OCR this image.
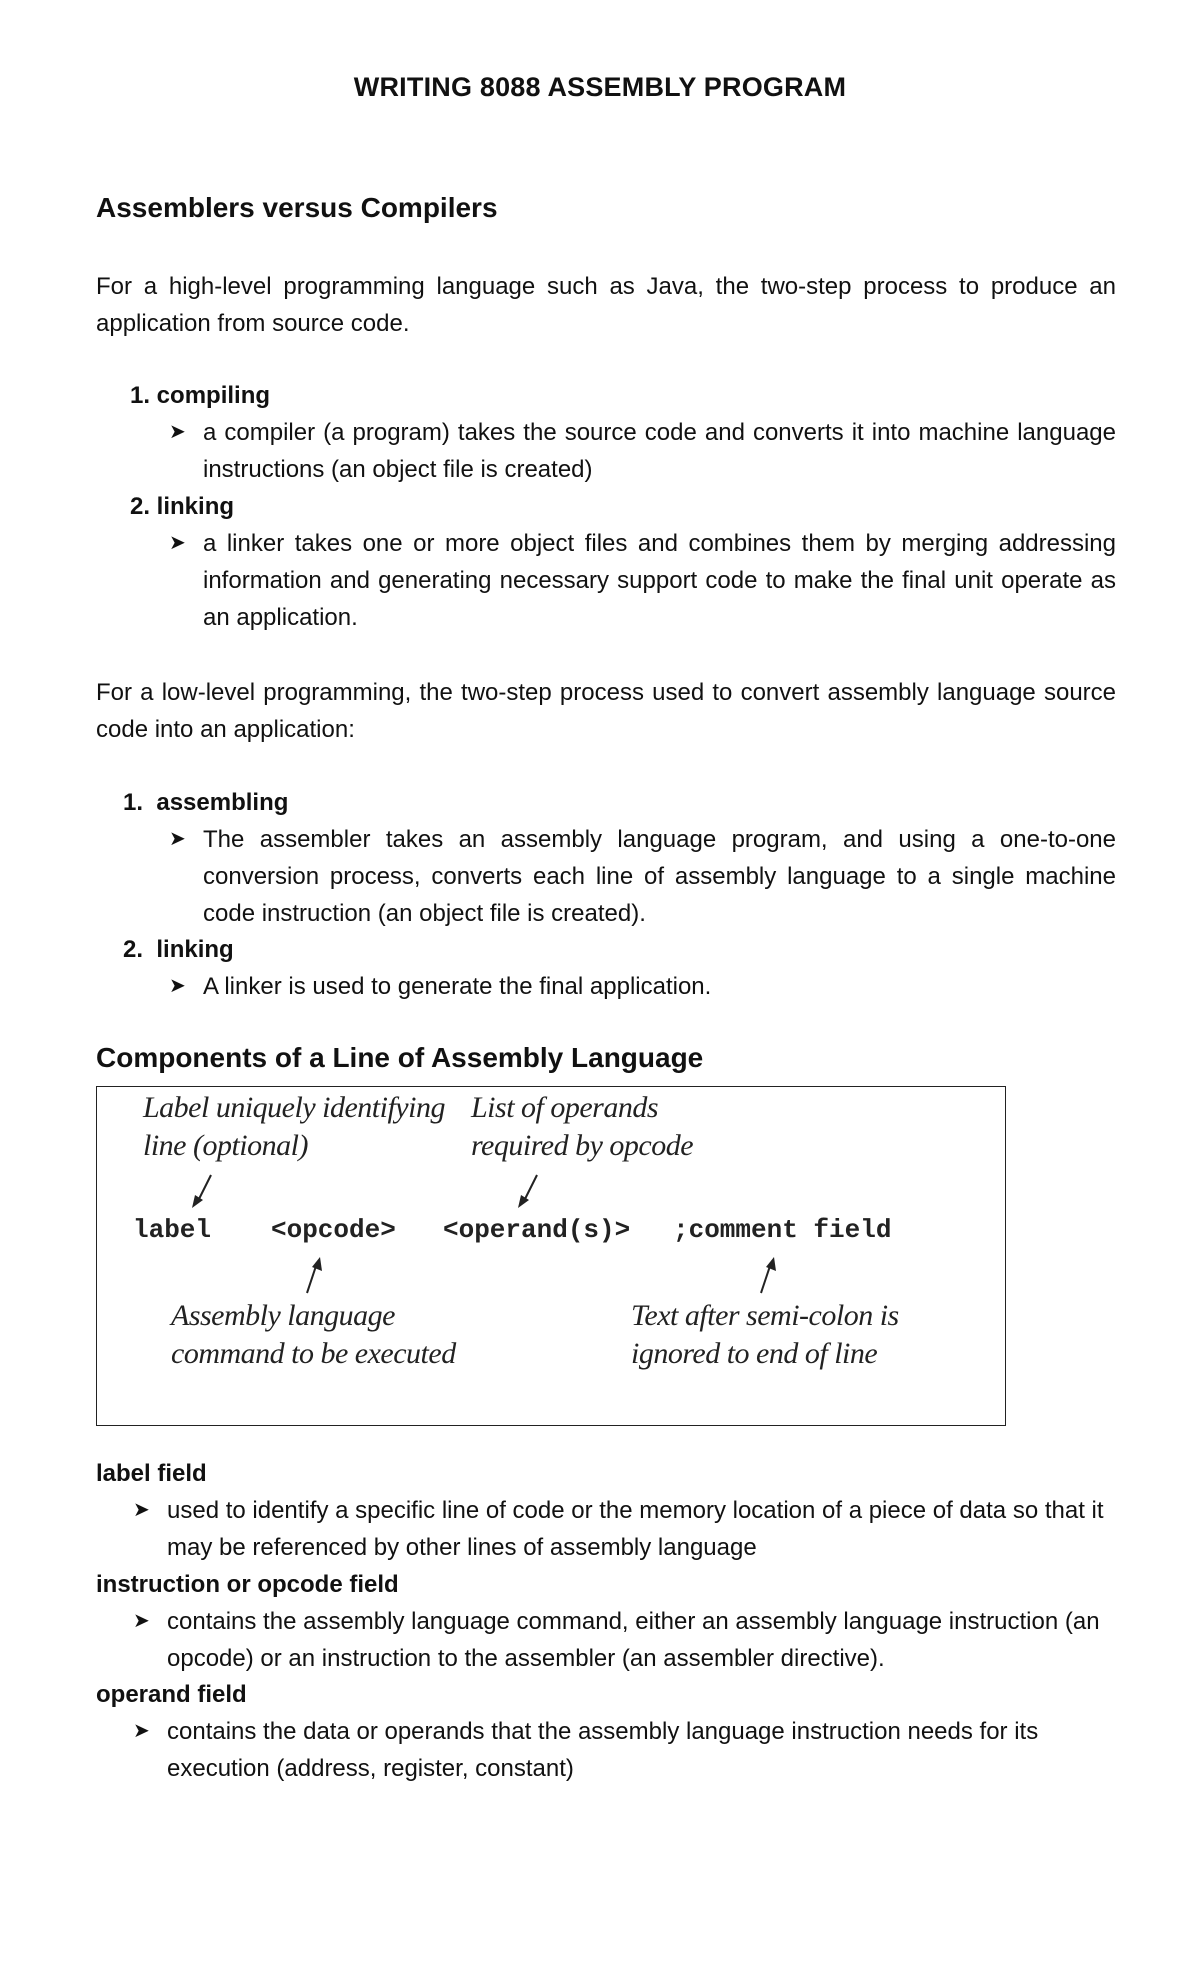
WRITING 8088 ASSEMBLY PROGRAM
Assemblers versus Compilers

For a high-level programming language such as Java, the two-step process to produce an application from source code.

1. compiling
➤ a compiler (a program) takes the source code and converts it into machine language instructions (an object file is created)
2. linking
➤ a linker takes one or more object files and combines them by merging addressing information and generating necessary support code to make the final unit operate as an application.

For a low-level programming, the two-step process used to convert assembly language source code into an application:

1.  assembling
➤ The assembler takes an assembly language program, and using a one-to-one conversion process, converts each line of assembly language to a single machine code instruction (an object file is created).
2.  linking
➤ A linker is used to generate the final application.
Components of a Line of Assembly Language

Label uniquely identifying

line (optional)

List of operands

required by opcode

label <opcode> <operand(s)> ;comment field

Assembly language

command to be executed

Text after semi-colon is

ignored to end of line

label field
➤ used to identify a specific line of code or the memory location of a piece of data so that it may be referenced by other lines of assembly language
instruction or opcode field
➤ contains the assembly language command, either an assembly language instruction (an opcode) or an instruction to the assembler (an assembler directive).
operand field
➤ contains the data or operands that the assembly language instruction needs for its execution (address, register, constant)
